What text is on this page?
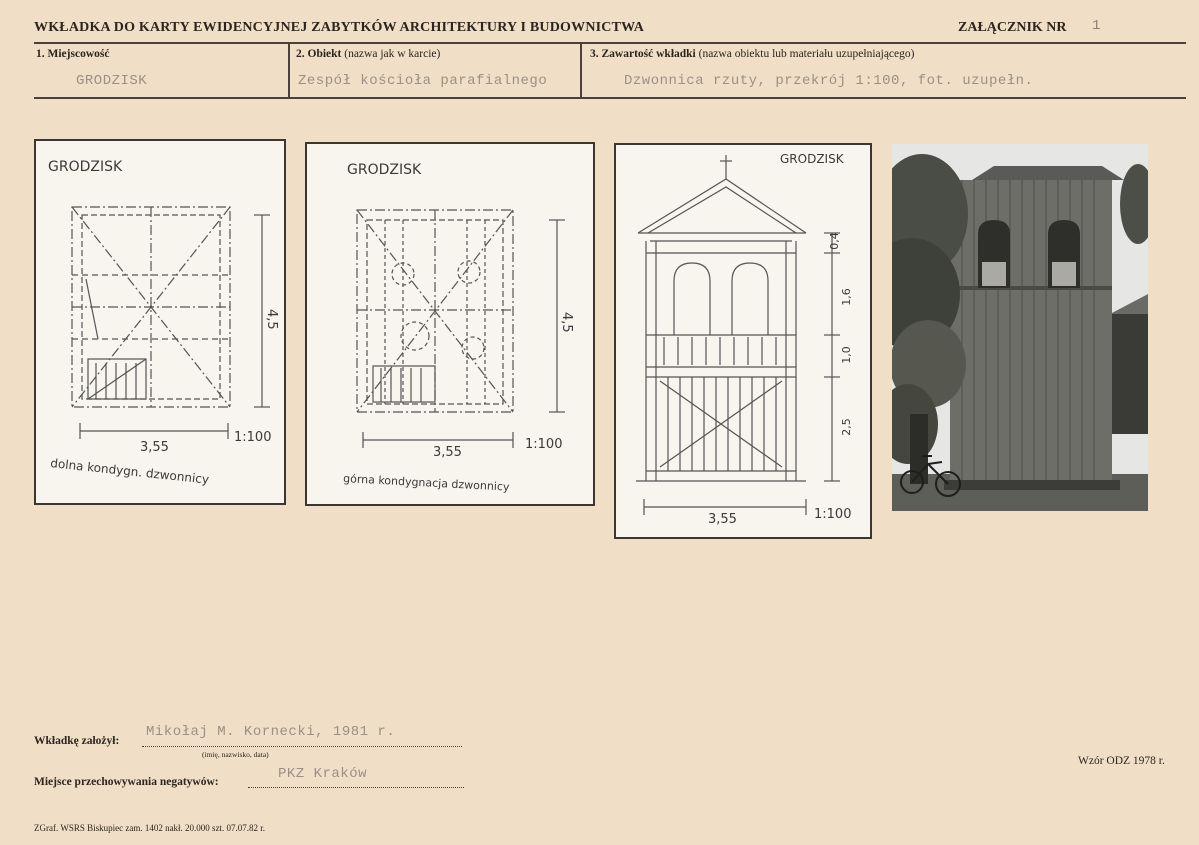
WKŁADKA DO KARTY EWIDENCYJNEJ ZABYTKÓW ARCHITEKTURY I BUDOWNICTWA	ZAŁĄCZNIK NR 1
1. Miejscowość	2. Obiekt (nazwa jak w karcie)	3. Zawartość wkładki (nazwa obiektu lub materiału uzupełniającego)
GRODZISK	Zespół kościoła parafialnego	Dzwonnica rzuty, przekrój 1:100, fot. uzupełn.
GRODZISK
4,5
3,55
1:100
dolna kondygn. dzwonnicy
GRODZISK
4,5
3,55
1:100
górna kondygnacja dzwonnicy
GRODZISK
0,4
1,6
1,0
2,5
3,55	1:100
Wkładkę założył:
Mikołaj M. Kornecki, 1981 r.
(imię, nazwisko, data)
Miejsce przechowywania negatywów:	PKZ Kraków
Wzór ODZ 1978 r.
ZGraf. WSRS Biskupiec zam. 1402 nakł. 20.000 szt. 07.07.82 r.
